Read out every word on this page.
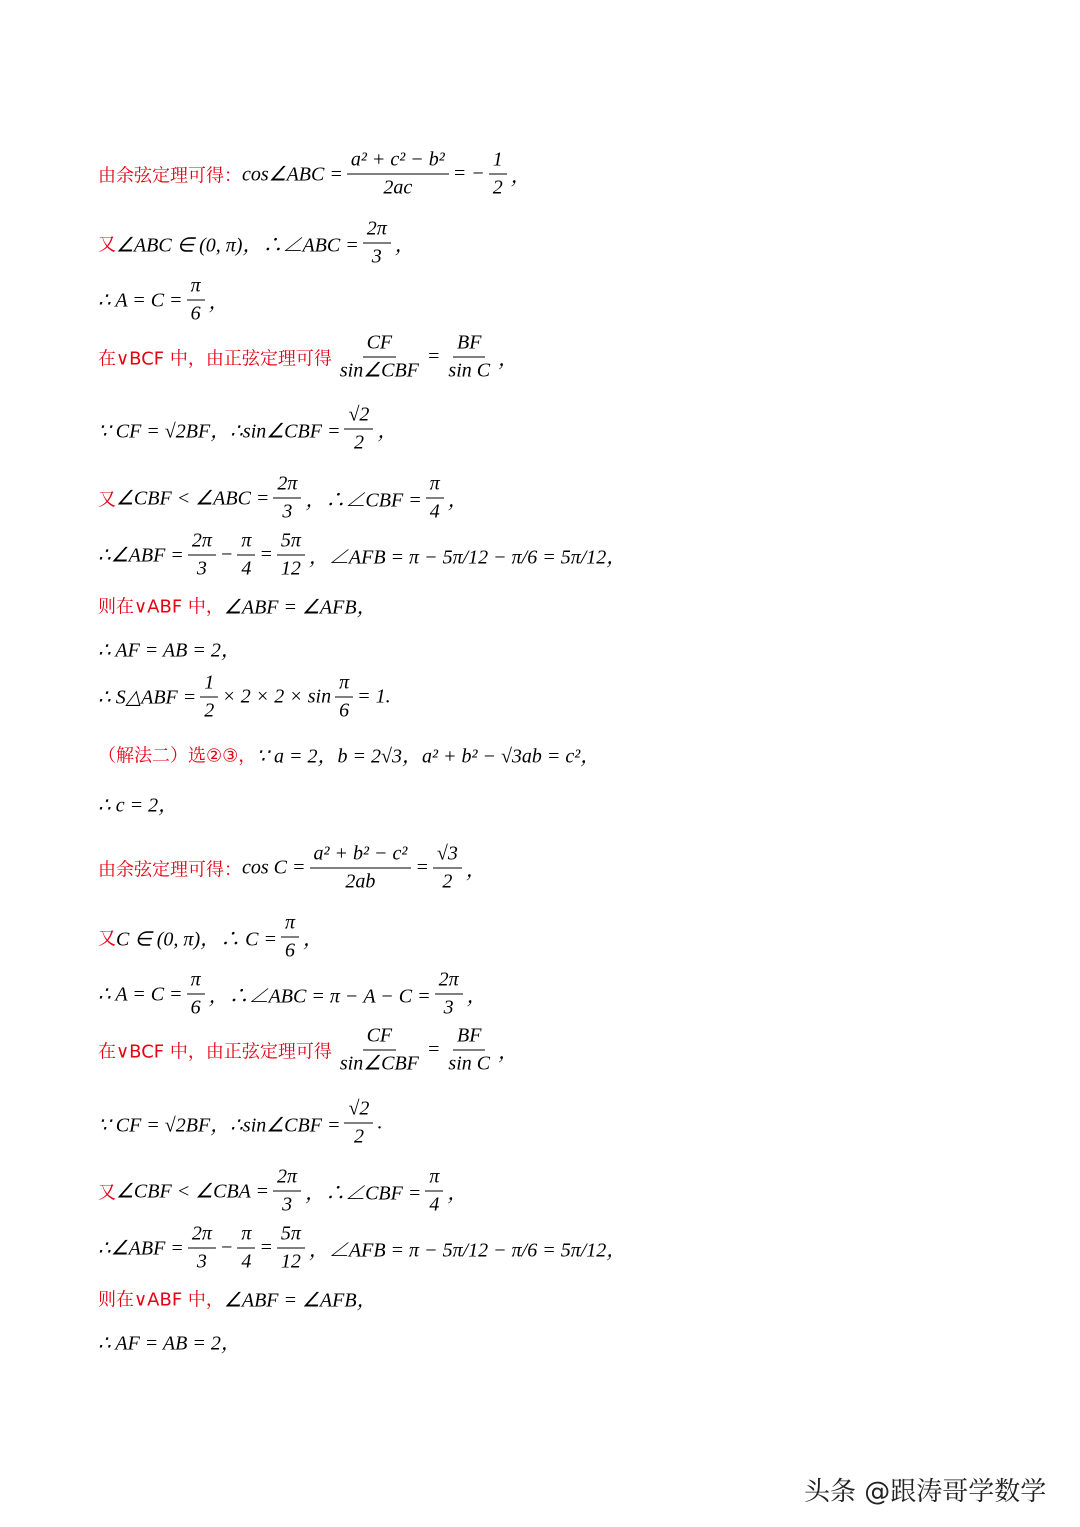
由余弦定理可得： cos∠ABC = $\frac{\text{a² + c² − b²}}{2ac}$ = − $\frac{1}{2}$ ，
又 ∠ABC ∈ (0, π)，∴∠ABC = $\frac{2\pi}{3}$ ，
∴ $A = C = \frac{\pi}{6}$ ，
在∨BCF 中，由正弦定理可得 $\frac{CF}{\text{sin∠CBF}} = \frac{BF}{\text{sin C}}$ ，
∵ CF = √2BF，∴sin∠CBF = $\frac{√2}{2}$ ，
又 ∠CBF < ∠ABC = $\frac{2\pi}{3}$ ，∴∠CBF = $\frac{\pi}{4}$ ，
∴∠ABF = $\frac{2\pi}{3} - \frac{\pi}{4} = \frac{5\pi}{12}$ ，∠AFB = π − 5π/12 − π/6 = 5π/12，
则在∨ABF 中， ∠ABF = ∠AFB，
∴ AF = AB = 2，
∴ S△ABF = $\frac{1}{2} \times 2 \times 2 \times \sin \frac{\pi}{6} = 1$.
（解法二）选②③， ∵ a = 2，b = 2√3，a² + b² − √3ab = c²，
∴ c = 2，
由余弦定理可得： $\cos C = \frac{\text{a² + b² − c²}}{2ab} = \frac{√3}{2}$ ，
又 C ∈ (0, π)，∴ $C = \frac{\pi}{6}$ ，
∴ $A = C = \frac{\pi}{6}$ ，∴∠ABC = $\pi - A - C = \frac{2\pi}{3}$ ，
在∨BCF 中，由正弦定理可得 $\frac{CF}{\text{sin∠CBF}} = \frac{BF}{\text{sin C}}$ ，
∵ CF = √2BF，∴sin∠CBF = $\frac{√2}{2}$ .
又 ∠CBF < ∠CBA = $\frac{2\pi}{3}$ ，∴∠CBF = $\frac{\pi}{4}$ ，
∴∠ABF = $\frac{2\pi}{3} - \frac{\pi}{4} = \frac{5\pi}{12}$ ，∠AFB = π − 5π/12 − π/6 = 5π/12，
则在∨ABF 中， ∠ABF = ∠AFB，
∴ AF = AB = 2，
头条 @跟涛哥学数学
